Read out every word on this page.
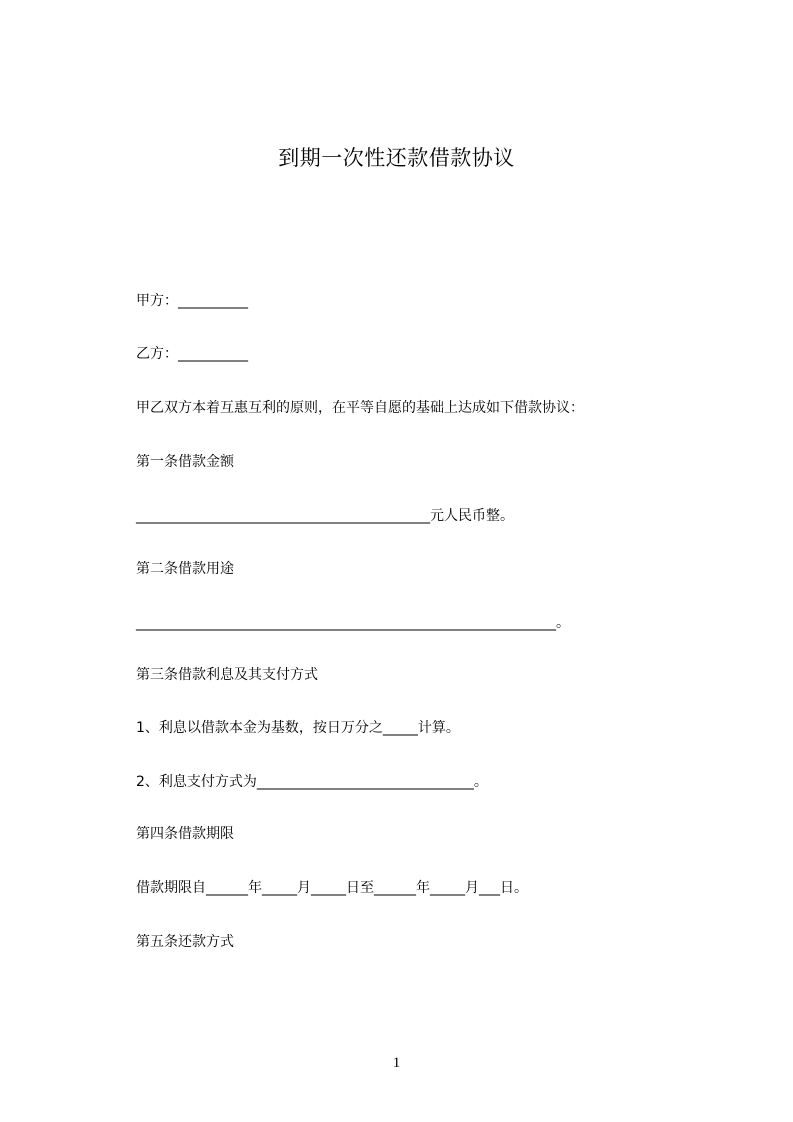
到期一次性还款借款协议

甲方：__________

乙方：__________

甲乙双方本着互惠互利的原则，在平等自愿的基础上达成如下借款协议：

第一条借款金额

__________________________________________元人民币整。

第二条借款用途

____________________________________________________________。

第三条借款利息及其支付方式

1、利息以借款本金为基数，按日万分之_____计算。

2、利息支付方式为_______________________________。

第四条借款期限

借款期限自______年_____月_____日至______年_____月___日。

第五条还款方式

1
